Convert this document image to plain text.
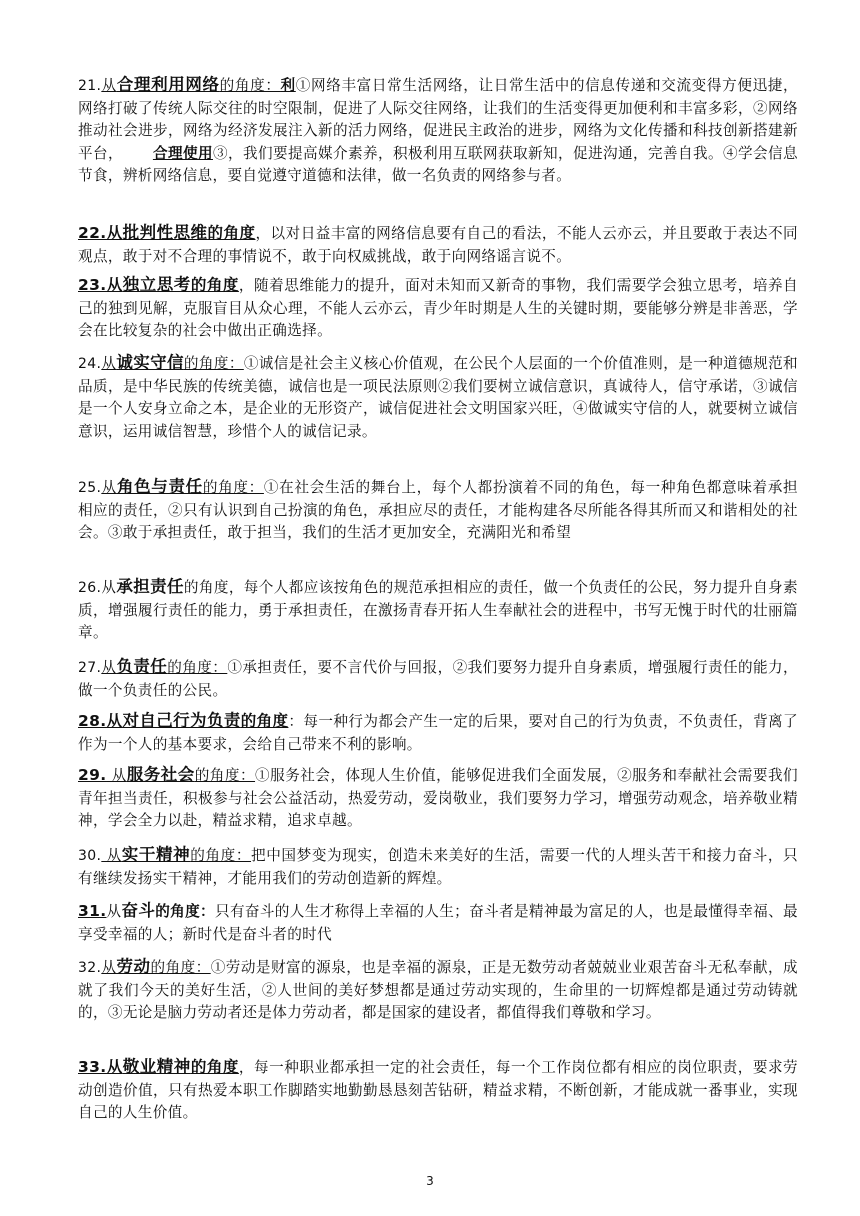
21.从合理利用网络的角度：利①网络丰富日常生活网络，让日常生活中的信息传递和交流变得方便迅捷，网络打破了传统人际交往的时空限制，促进了人际交往网络，让我们的生活变得更加便利和丰富多彩，②网络推动社会进步，网络为经济发展注入新的活力网络，促进民主政治的进步，网络为文化传播和科技创新搭建新平台，   合理使用③，我们要提高媒介素养，积极利用互联网获取新知，促进沟通，完善自我。④学会信息节食，辨析网络信息，要自觉遵守道德和法律，做一名负责的网络参与者。
22.从批判性思维的角度，以对日益丰富的网络信息要有自己的看法，不能人云亦云，并且要敢于表达不同观点，敢于对不合理的事情说不，敢于向权威挑战，敢于向网络谣言说不。
23.从独立思考的角度，随着思维能力的提升，面对未知而又新奇的事物，我们需要学会独立思考，培养自己的独到见解，克服盲目从众心理，不能人云亦云，青少年时期是人生的关键时期，要能够分辨是非善恶，学会在比较复杂的社会中做出正确选择。
24.从诚实守信的角度：①诚信是社会主义核心价值观，在公民个人层面的一个价值准则，是一种道德规范和品质，是中华民族的传统美德，诚信也是一项民法原则②我们要树立诚信意识，真诚待人，信守承诺，③诚信是一个人安身立命之本，是企业的无形资产，诚信促进社会文明国家兴旺，④做诚实守信的人，就要树立诚信意识，运用诚信智慧，珍惜个人的诚信记录。
25.从角色与责任的角度：①在社会生活的舞台上，每个人都扮演着不同的角色，每一种角色都意味着承担相应的责任，②只有认识到自己扮演的角色，承担应尽的责任，才能构建各尽所能各得其所而又和谐相处的社会。③敢于承担责任，敢于担当，我们的生活才更加安全，充满阳光和希望
26.从承担责任的角度，每个人都应该按角色的规范承担相应的责任，做一个负责任的公民，努力提升自身素质，增强履行责任的能力，勇于承担责任，在激扬青春开拓人生奉献社会的进程中，书写无愧于时代的壮丽篇章。
27.从负责任的角度：①承担责任，要不言代价与回报，②我们要努力提升自身素质，增强履行责任的能力，做一个负责任的公民。
28.从对自己行为负责的角度：每一种行为都会产生一定的后果，要对自己的行为负责，不负责任，背离了作为一个人的基本要求，会给自己带来不利的影响。
29. 从服务社会的角度：①服务社会，体现人生价值，能够促进我们全面发展，②服务和奉献社会需要我们青年担当责任，积极参与社会公益活动，热爱劳动，爱岗敬业，我们要努力学习，增强劳动观念，培养敬业精神，学会全力以赴，精益求精，追求卓越。
30. 从实干精神的角度：把中国梦变为现实，创造未来美好的生活，需要一代的人埋头苦干和接力奋斗，只有继续发扬实干精神，才能用我们的劳动创造新的辉煌。
31.从奋斗的角度：只有奋斗的人生才称得上幸福的人生；奋斗者是精神最为富足的人，也是最懂得幸福、最享受幸福的人；新时代是奋斗者的时代
32.从劳动的角度：①劳动是财富的源泉，也是幸福的源泉，正是无数劳动者兢兢业业艰苦奋斗无私奉献，成就了我们今天的美好生活，②人世间的美好梦想都是通过劳动实现的，生命里的一切辉煌都是通过劳动铸就的，③无论是脑力劳动者还是体力劳动者，都是国家的建设者，都值得我们尊敬和学习。
33.从敬业精神的角度，每一种职业都承担一定的社会责任，每一个工作岗位都有相应的岗位职责，要求劳动创造价值，只有热爱本职工作脚踏实地勤勤恳恳刻苦钻研，精益求精，不断创新，才能成就一番事业，实现自己的人生价值。
3
